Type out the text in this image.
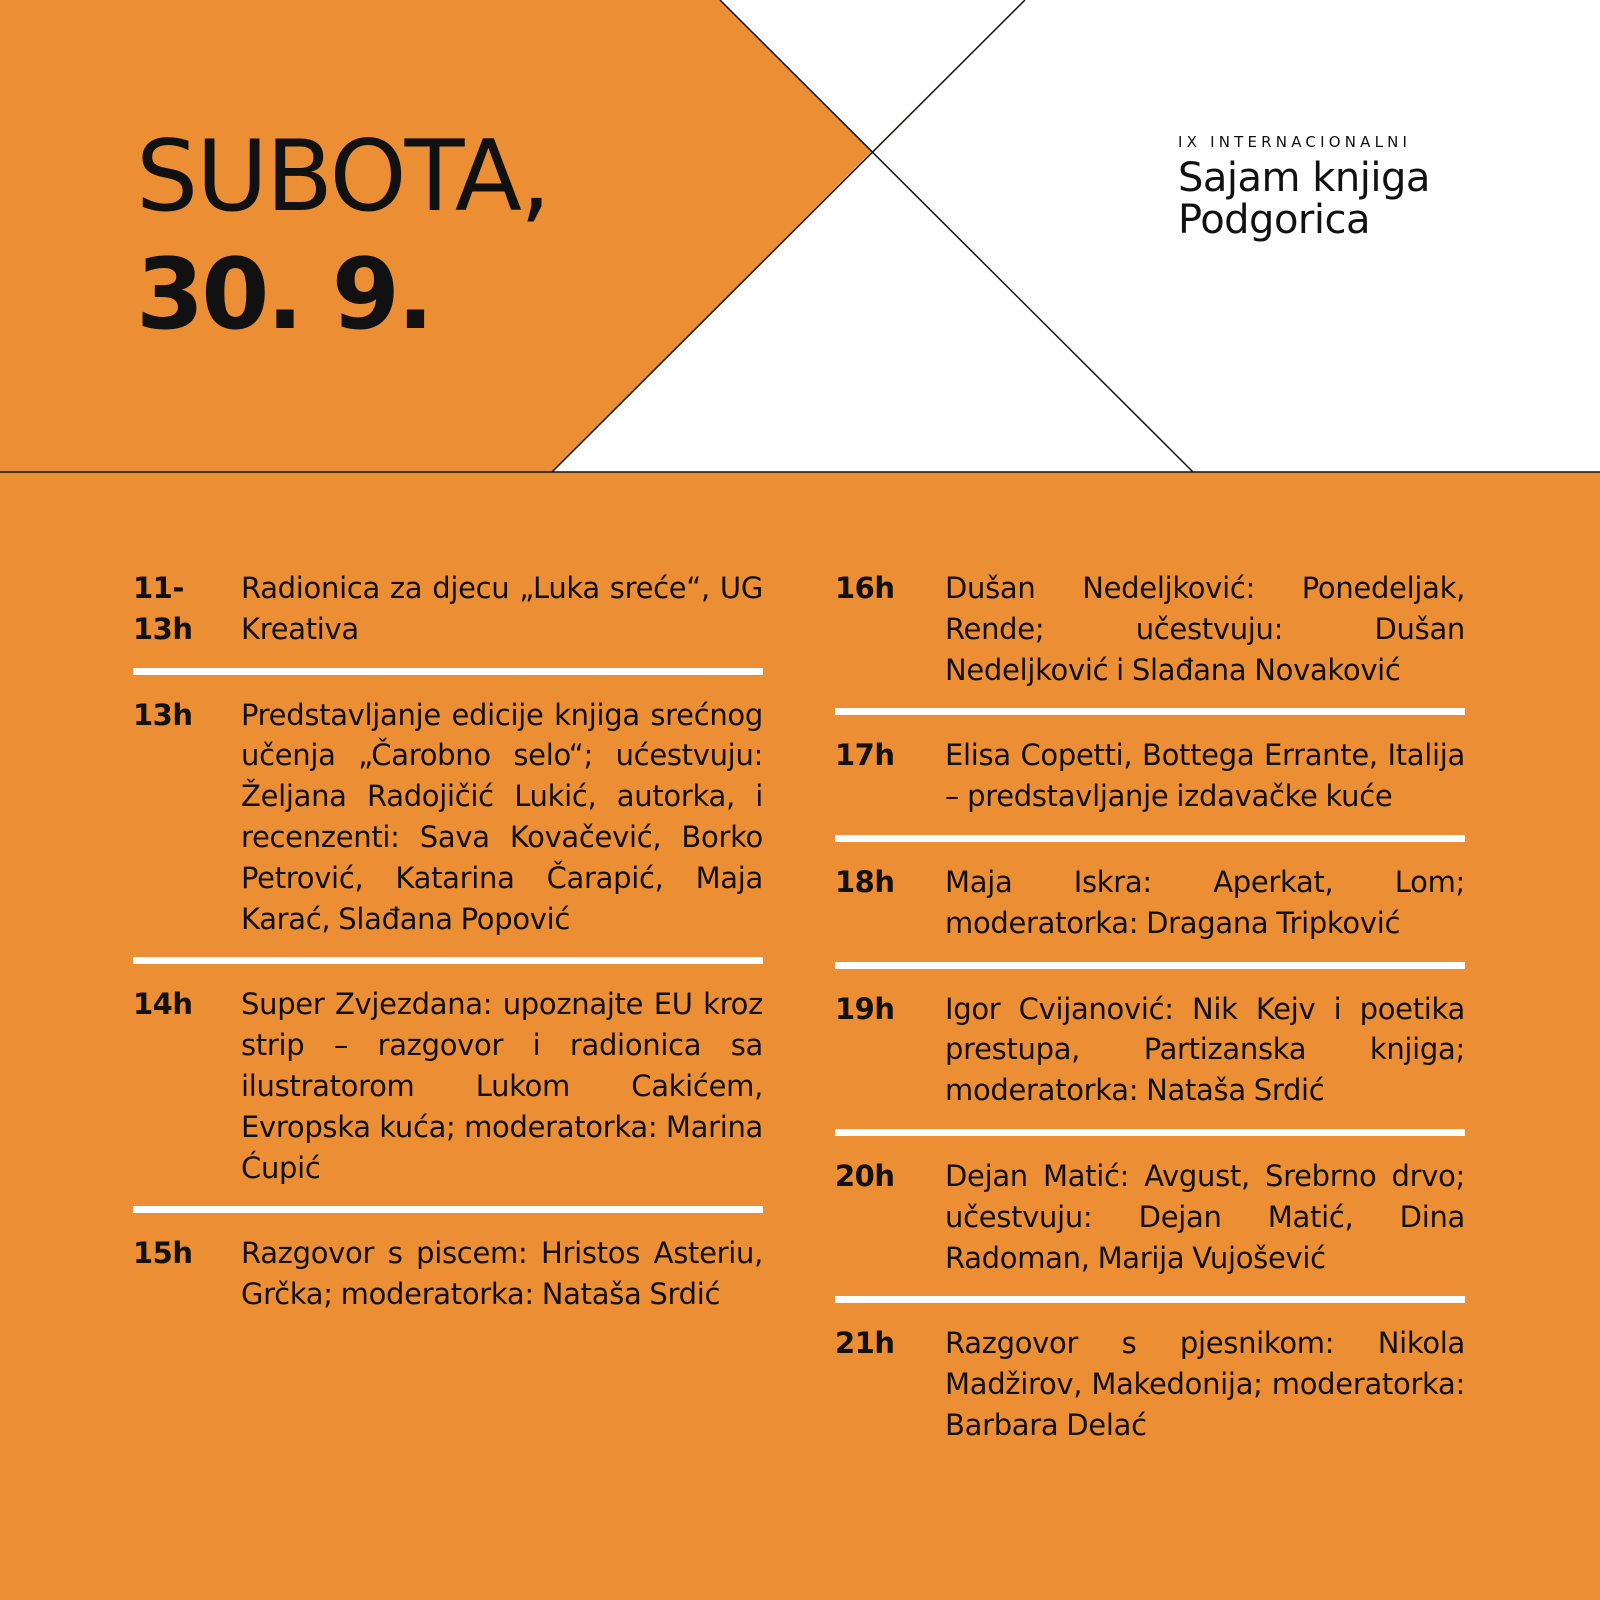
SUBOTA,
30. 9.
IX INTERNACIONALNI
Sajam knjiga
Podgorica
11-13h
Radionica za djecu „Luka sreće“, UG Kreativa
13h	Predstavljanje edicije knjiga srećnog učenja „Čarobno selo“; ućestvuju: Željana Radojičić Lukić, autorka, i recenzenti: Sava Kovačević, Borko Petrović, Katarina Čarapić, Maja Karać, Slađana Popović
14h	Super Zvjezdana: upoznajte EU kroz strip – razgovor i radionica sa ilustratorom Lukom Cakićem, Evropska kuća; moderatorka: Marina Ćupić
15h	Razgovor s piscem: Hristos Asteriu, Grčka; moderatorka: Nataša Srdić
16h	Dušan Nedeljković: Ponedeljak, Rende; učestvuju: Dušan Nedeljković i Slađana Novaković
17h	Elisa Copetti, Bottega Errante, Italija – predstavljanje izdavačke kuće
18h	Maja Iskra: Aperkat, Lom; moderatorka: Dragana Tripković
19h	Igor Cvijanović: Nik Kejv i poetika prestupa, Partizanska knjiga; moderatorka: Nataša Srdić
20h	Dejan Matić: Avgust, Srebrno drvo; učestvuju: Dejan Matić, Dina Radoman, Marija Vujošević
21h	Razgovor s pjesnikom: Nikola Madžirov, Makedonija; moderatorka: Barbara Delać
